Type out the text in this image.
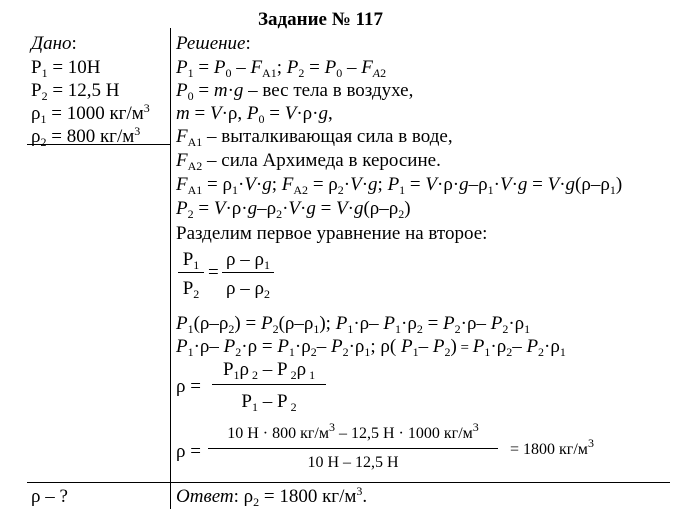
Задание № 117
Дано:
$P_1 = 10Н$
$P_2 = 12,5$ Н
$\rho_1 = 1000$ $кг/м^3$
$\rho_2 = 800$ $кг/м^3$
ρ – ?
Решение:
$P_1 = P_0 - F_{A1}$; $P_2 = P_0 - F_{A2}$
$P_0 = m\cdot g$ – вес тела в воздухе,
m = V·ρ, $P_0 = V\cdot\rho\cdot g$,
$F_{A1}$ – выталкивающая сила в воде,
$F_{A2}$ – сила Архимеда в керосине.
$F_{A1} = \rho_1\cdot V\cdot g$; $F_{A2} = \rho_2\cdot V\cdot g$; $P_1 = V\cdot\rho\cdot g-\rho_1\cdot V\cdot g = V\cdot g(\rho-\rho_1)$
$P_2 = V\cdot\rho\cdot g-\rho_2\cdot V\cdot g = V\cdot g(\rho-\rho_2)$
Разделим первое уравнение на второе:
$P_1$
$P_2$
=
ρ – $\rho_1$
ρ – $\rho_2$
$P_1(\rho-\rho_2) = P_2(\rho-\rho_1)$; $P_1\cdot\rho-$ $P_1\cdot\rho_2 = P_2\cdot\rho-$ $P_2\cdot\rho_1$
$P_1\cdot\rho-$ $P_2\cdot\rho = P_1\cdot\rho_2-$ $P_2\cdot\rho_1$; ρ( $P_1-$ $P_2) = P_1\cdot\rho_2-$ $P_2\cdot\rho_1$
ρ =
$P_1\rho$ $_2$ – P $_2$ρ $_1$
$P_1$ – P $_2$
ρ =
10 Н · 800 $кг/м^3 - 12,5$ Н · 1000 $кг/м^3$
10 Н – 12,5 Н
= 1800 $кг/м^3$
Ответ: $\rho_2 = 1800$ $кг/м^3$.
